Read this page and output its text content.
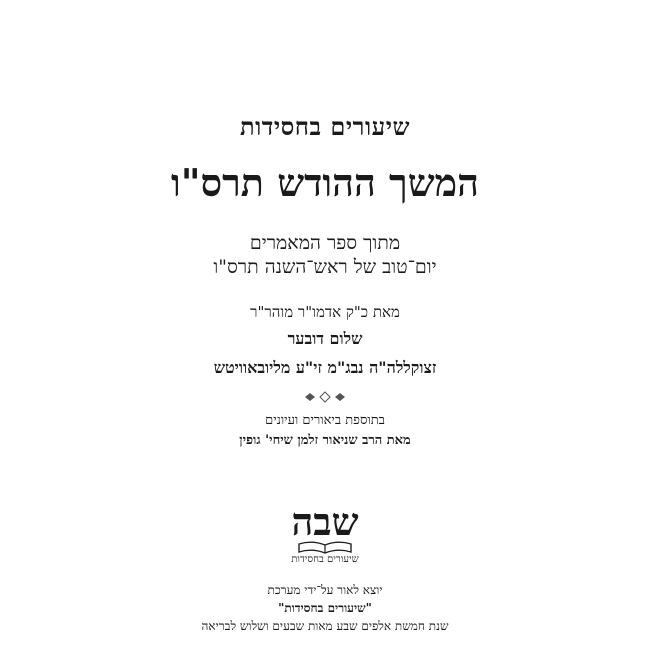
שיעורים בחסידות
המשך ההודש תרס"ו
מתוך ספר המאמרים
יום־טוב של ראש־השנה תרס"ו
מאת כ"ק אדמו"ר מוהר"ר
שלום דובער
זצוקללה"ה נבג"מ זי"ע מליובאוויטש
בתוספת ביאורים ועיונים
מאת הרב שניאור זלמן שיחי' גופין
שבה
שיעורים בחסידות
יוצא לאור על־ידי מערכת
"שיעורים בחסידות"
שנת חמשת אלפים שבע מאות שבעים ושלוש לבריאה
